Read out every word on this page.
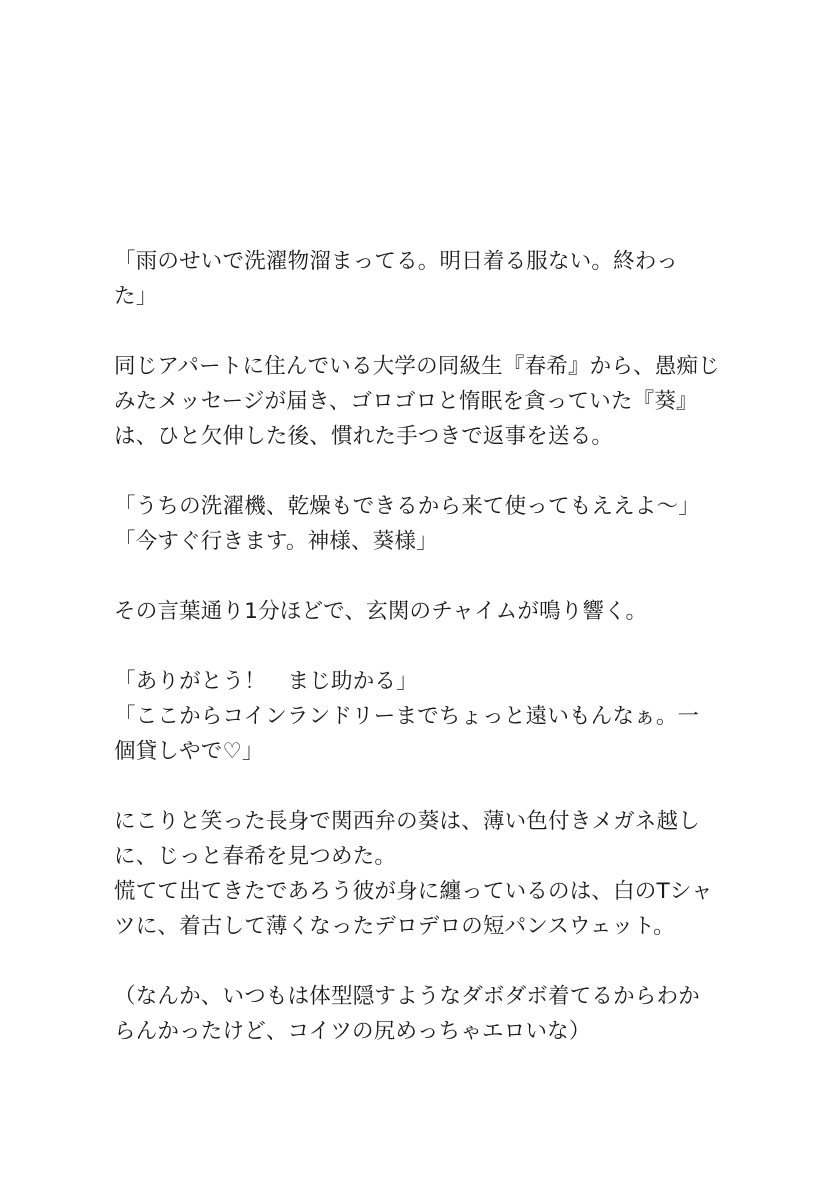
「雨のせいで洗濯物溜まってる。明日着る服ない。終わっ
た」
同じアパートに住んでいる大学の同級生『春希』から、愚痴じ
みたメッセージが届き、ゴロゴロと惰眠を貪っていた『葵』
は、ひと欠伸した後、慣れた手つきで返事を送る。
「うちの洗濯機、乾燥もできるから来て使ってもええよ〜」
「今すぐ行きます。神様、葵様」
その言葉通り1分ほどで、玄関のチャイムが鳴り響く。
「ありがとう！　まじ助かる」
「ここからコインランドリーまでちょっと遠いもんなぁ。一
個貸しやで♡」
にこりと笑った長身で関西弁の葵は、薄い色付きメガネ越し
に、じっと春希を見つめた。
慌てて出てきたであろう彼が身に纏っているのは、白のTシャ
ツに、着古して薄くなったデロデロの短パンスウェット。
（なんか、いつもは体型隠すようなダボダボ着てるからわか
らんかったけど、コイツの尻めっちゃエロいな）
